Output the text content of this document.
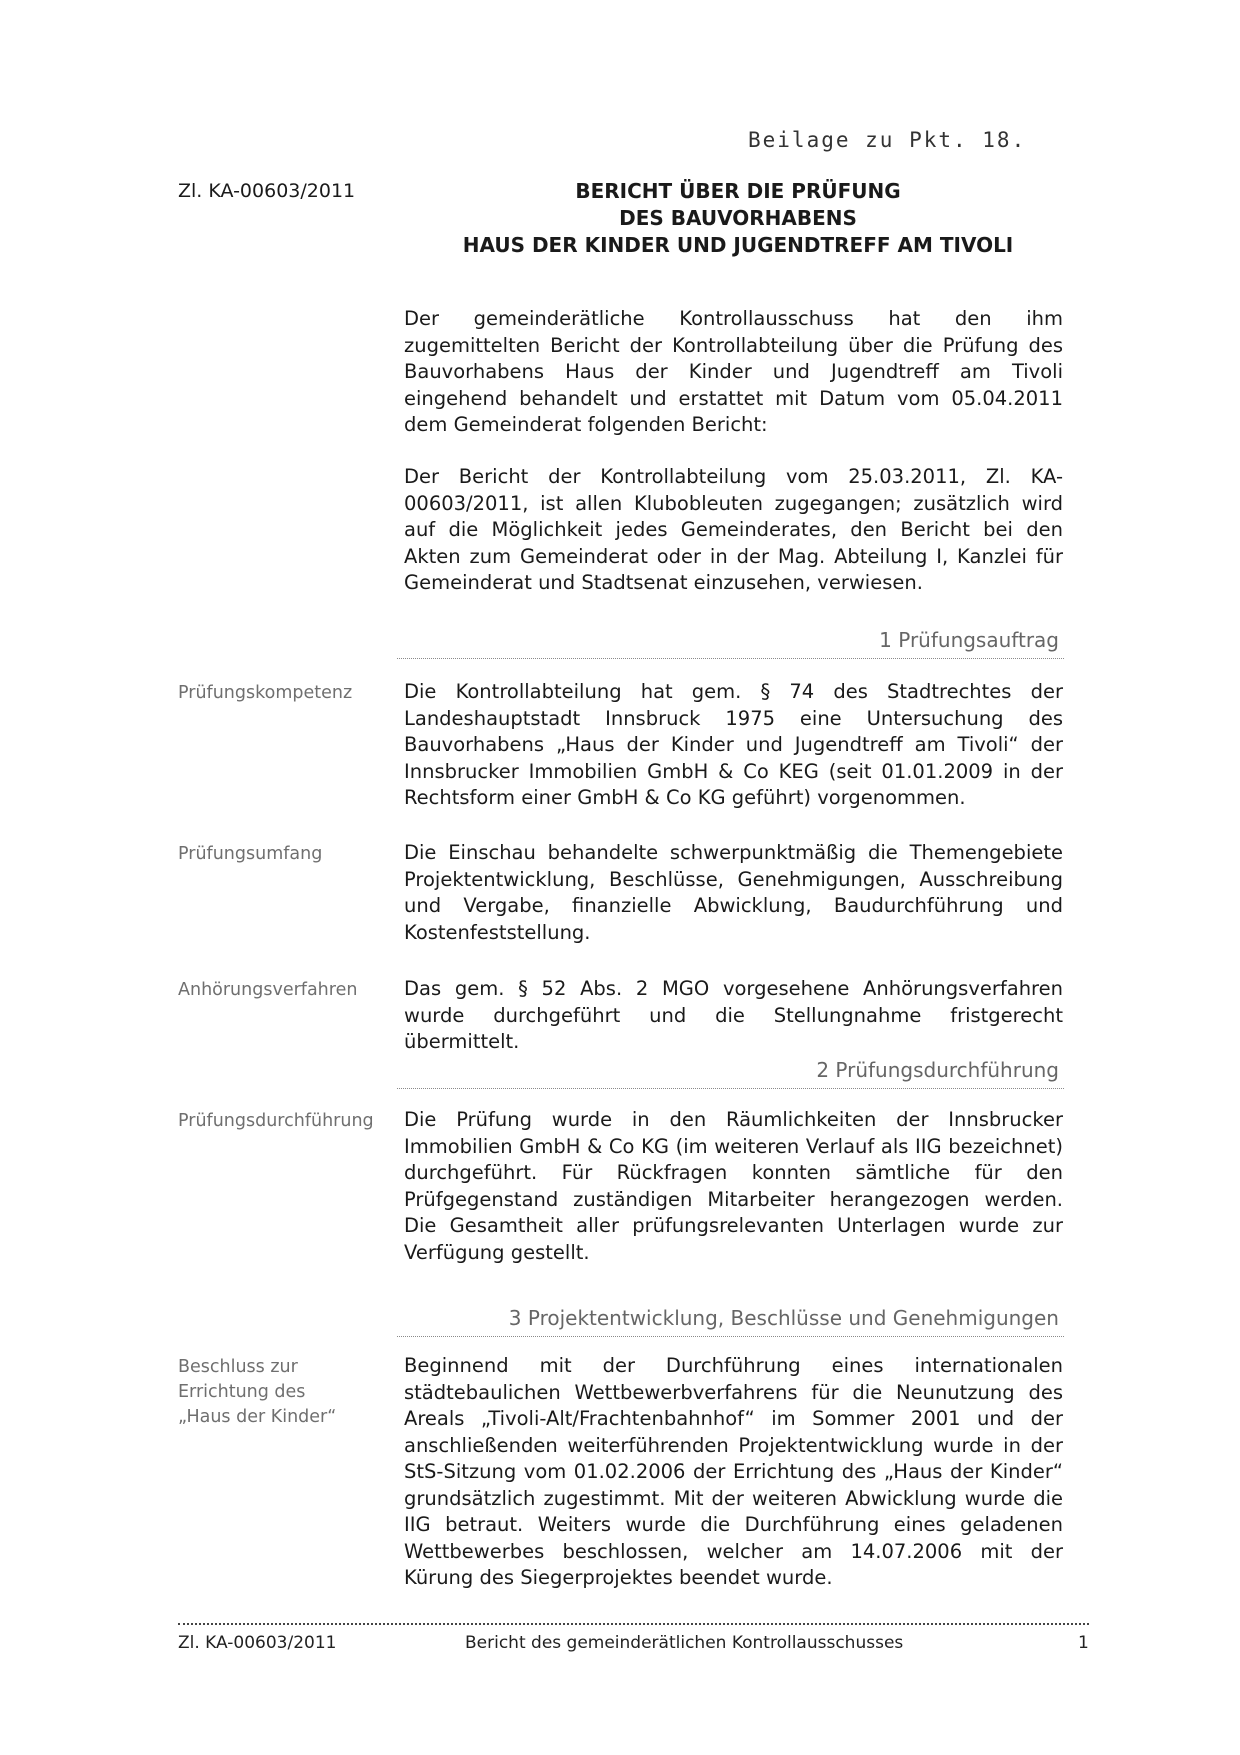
Beilage zu Pkt. 18.

Zl. KA-00603/2011	BERICHT ÜBER DIE PRÜFUNG
DES BAUVORHABENS
HAUS DER KINDER UND JUGENDTREFF AM TIVOLI

Der gemeinderätliche Kontrollausschuss hat den ihm zugemittelten Bericht der Kontrollabteilung über die Prüfung des Bauvorhabens Haus der Kinder und Jugendtreff am Tivoli eingehend behandelt und erstattet mit Datum vom 05.04.2011 dem Gemeinderat folgenden Bericht:

Der Bericht der Kontrollabteilung vom 25.03.2011, Zl. KA-00603/2011, ist allen Klubobleuten zugegangen; zusätzlich wird auf die Möglichkeit jedes Gemeinderates, den Bericht bei den Akten zum Gemeinderat oder in der Mag. Abteilung I, Kanzlei für Gemeinderat und Stadtsenat einzusehen, verwiesen.

1 Prüfungsauftrag

Prüfungskompetenz	Die Kontrollabteilung hat gem. § 74 des Stadtrechtes der Landeshauptstadt Innsbruck 1975 eine Untersuchung des Bauvorhabens „Haus der Kinder und Jugendtreff am Tivoli“ der Innsbrucker Immobilien GmbH & Co KEG (seit 01.01.2009 in der Rechtsform einer GmbH & Co KG geführt) vorgenommen.

Prüfungsumfang	Die Einschau behandelte schwerpunktmäßig die Themengebiete Projektentwicklung, Beschlüsse, Genehmigungen, Ausschreibung und Vergabe, finanzielle Abwicklung, Baudurchführung und Kostenfeststellung.

Anhörungsverfahren	Das gem. § 52 Abs. 2 MGO vorgesehene Anhörungsverfahren wurde durchgeführt und die Stellungnahme fristgerecht übermittelt.

2 Prüfungsdurchführung

Prüfungsdurchführung	Die Prüfung wurde in den Räumlichkeiten der Innsbrucker Immobilien GmbH & Co KG (im weiteren Verlauf als IIG bezeichnet) durchgeführt. Für Rückfragen konnten sämtliche für den Prüfgegenstand zuständigen Mitarbeiter herangezogen werden. Die Gesamtheit aller prüfungsrelevanten Unterlagen wurde zur Verfügung gestellt.

3 Projektentwicklung, Beschlüsse und Genehmigungen

Beschluss zur Errichtung des „Haus der Kinder“

Beginnend mit der Durchführung eines internationalen städtebaulichen Wettbewerbverfahrens für die Neunutzung des Areals „Tivoli-Alt/Frachtenbahnhof“ im Sommer 2001 und der anschließenden weiterführenden Projektentwicklung wurde in der StS-Sitzung vom 01.02.2006 der Errichtung des „Haus der Kinder“ grundsätzlich zugestimmt. Mit der weiteren Abwicklung wurde die IIG betraut. Weiters wurde die Durchführung eines geladenen Wettbewerbes beschlossen, welcher am 14.07.2006 mit der Kürung des Siegerprojektes beendet wurde.

Zl. KA-00603/2011	Bericht des gemeinderätlichen Kontrollausschusses	1
